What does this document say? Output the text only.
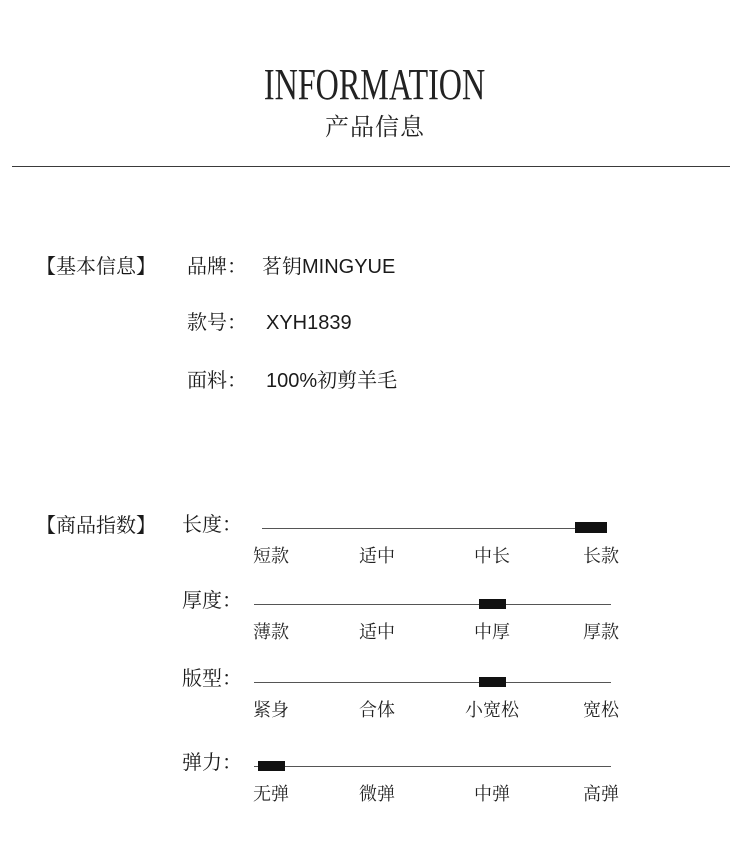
INFORMATION
产品信息
【基本信息】 品牌： 茗钥MINGYUE
款号： XYH1839
面料： 100%初剪羊毛
【商品指数】 长度：
短款	适中	中长	长款
厚度：
薄款	适中	中厚	厚款
版型：
紧身	合体	小宽松	宽松
弹力：
无弹	微弹	中弹	高弹
